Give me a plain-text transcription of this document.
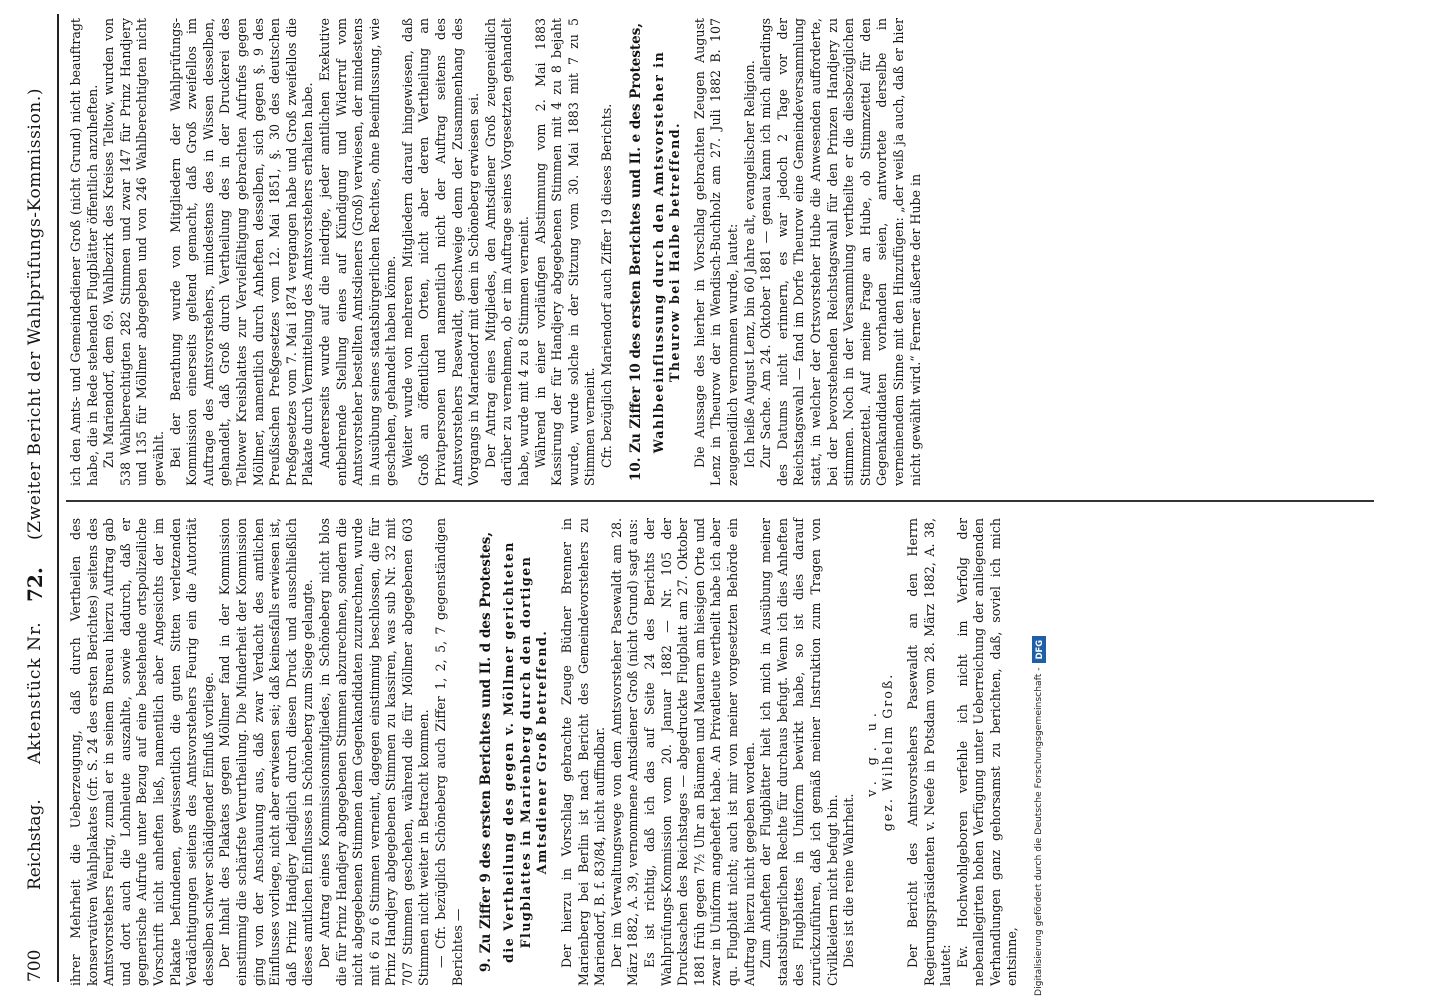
700
Reichstag.
Aktenstück Nr.
72.
(Zweiter Bericht der Wahlprüfungs-Kommission.)

ihrer Mehrheit die Ueberzeugung, daß durch Vertheilen des konservativen Wahlplakates (cfr. S. 24 des ersten Berichtes) seitens des Amtsvorstehers Feurig, zumal er in seinem Bureau hierzu Auftrag gab und dort auch die Lohnleute auszahlte, sowie dadurch, daß er gegnerische Aufrufe unter Bezug auf eine bestehende ortspolizeiliche Vorschrift nicht anheften ließ, namentlich aber Angesichts der im Plakate befundenen, gewissentlich die guten Sitten verletzenden Verdächtigungen seitens des Amtsvorstehers Feurig ein die Autorität desselben schwer schädigender Einfluß vorliege. Der Inhalt des Plakates gegen Möllmer fand in der Kommission einstimmig die schärfste Verurtheilung. Die Minderheit der Kommission ging von der Anschauung aus, daß zwar Verdacht des amtlichen Einflusses vorliege, nicht aber erwiesen sei; daß keinesfalls erwiesen ist, daß Prinz Handjery lediglich durch diesen Druck und ausschließlich dieses amtlichen Einflusses in Schöneberg zum Siege gelangte. Der Antrag eines Kommissionsmitgliedes, in Schöneberg nicht blos die für Prinz Handjery abgegebenen Stimmen abzurechnen, sondern die nicht abgegebenen Stimmen dem Gegenkandidaten zuzurechnen, wurde mit 6 zu 6 Stimmen verneint, dagegen einstimmig beschlossen, die für Prinz Handjery abgegebenen Stimmen zu kassiren, was sub Nr. 32 mit 707 Stimmen geschehen, während die für Möllmer abgegebenen 603 Stimmen nicht weiter in Betracht kommen. — Cfr. bezüglich Schöneberg auch Ziffer 1, 2, 5, 7 gegenständigen Berichtes — 9. Zu Ziffer 9 des ersten Berichtes und II. d des Protestes, die Vertheilung des gegen v. Möllmer gerichteten Flugblattes in Marienberg durch den dortigen Amtsdiener Groß betreffend. Der hierzu in Vorschlag gebrachte Zeuge Büdner Brenner in Marienberg bei Berlin ist nach Bericht des Gemeindevorstehers zu Mariendorf, B. f. 83/84, nicht auffindbar. Der im Verwaltungswege von dem Amtsvorsteher Pasewaldt am 28. März 1882, A. 39, vernommene Amtsdiener Groß (nicht Grund) sagt aus: Es ist richtig, daß ich das auf Seite 24 des Berichts der Wahlprüfungs-Kommission vom 20. Januar 1882 — Nr. 105 der Drucksachen des Reichstages — abgedruckte Flugblatt am 27. Oktober 1881 früh gegen 7½ Uhr an Bäumen und Mauern am hiesigen Orte und zwar in Uniform angeheftet habe. An Privatleute vertheilt habe ich aber qu. Flugblatt nicht; auch ist mir von meiner vorgesetzten Behörde ein Auftrag hierzu nicht gegeben worden. Zum Anheften der Flugblätter hielt ich mich in Ausübung meiner staatsbürgerlichen Rechte für durchaus befugt. Wenn ich dies Anheften des Flugblattes in Uniform bewirkt habe, so ist dies darauf zurückzuführen, daß ich gemäß meiner Instruktion zum Tragen von Civilkleidern nicht befugt bin. Dies ist die reine Wahrheit.

v. g. u. gez. Wilhelm Groß. Der Bericht des Amtsvorstehers Pasewaldt an den Herrn Regierungspräsidenten v. Neefe in Potsdam vom 28. März 1882, A. 38, lautet: Ew. Hochwohlgeboren verfehle ich nicht im Verfolg der nebenallegirten hohen Verfügung unter Ueberreichung der anliegenden Verhandlungen ganz gehorsamst zu berichten, daß, soviel ich mich entsinne,

ich den Amts- und Gemeindediener Groß (nicht Grund) nicht beauftragt habe, die in Rede stehenden Flugblätter öffentlich anzuheften. Zu Mariendorf, dem 69. Wahlbezirk des Kreises Teltow, wurden von 538 Wahlberechtigten 282 Stimmen und zwar 147 für Prinz Handjery und 135 für Möllmer abgegeben und von 246 Wahlberechtigten nicht gewählt. Bei der Berathung wurde von Mitgliedern der Wahlprüfungs-Kommission einerseits geltend gemacht, daß Groß zweifellos im Auftrage des Amtsvorstehers, mindestens des in Wissen desselben, gehandelt, daß Groß durch Vertheilung des in der Druckerei des Teltower Kreisblattes zur Vervielfältigung gebrachten Aufrufes gegen Möllmer, namentlich durch Anheften desselben, sich gegen §. 9 des Preußischen Preßgesetzes vom 12. Mai 1851, §. 30 des deutschen Preßgesetzes vom 7. Mai 1874 vergangen habe und Groß zweifellos die Plakate durch Vermittelung des Amtsvorstehers erhalten habe. Andererseits wurde auf die niedrige, jeder amtlichen Exekutive entbehrende Stellung eines auf Kündigung und Widerruf vom Amtsvorsteher bestellten Amtsdieners (Groß) verwiesen, der mindestens in Ausübung seines staatsbürgerlichen Rechtes, ohne Beeinflussung, wie geschehen, gehandelt haben könne. Weiter wurde von mehreren Mitgliedern darauf hingewiesen, daß Groß an öffentlichen Orten, nicht aber deren Vertheilung an Privatpersonen und namentlich nicht der Auftrag seitens des Amtsvorstehers Pasewaldt, geschweige denn der Zusammenhang des Vorgangs in Mariendorf mit dem in Schöneberg erwiesen sei. Der Antrag eines Mitgliedes, den Amtsdiener Groß zeugeneidlich darüber zu vernehmen, ob er im Auftrage seines Vorgesetzten gehandelt habe, wurde mit 4 zu 8 Stimmen verneint. Während in einer vorläufigen Abstimmung vom 2. Mai 1883 Kassirung der für Handjery abgegebenen Stimmen mit 4 zu 8 bejaht wurde, wurde solche in der Sitzung vom 30. Mai 1883 mit 7 zu 5 Stimmen verneint. Cfr. bezüglich Mariendorf auch Ziffer 19 dieses Berichts. 10. Zu Ziffer 10 des ersten Berichtes und II. e des Protestes, Wahlbeeinflussung durch den Amtsvorsteher in Theurow bei Halbe betreffend. Die Aussage des hierher in Vorschlag gebrachten Zeugen August Lenz in Theurow der in Wendisch-Buchholz am 27. Juli 1882 B. 107 zeugeneidlich vernommen wurde, lautet: Ich heiße August Lenz, bin 60 Jahre alt, evangelischer Religion. Zur Sache. Am 24. Oktober 1881 — genau kann ich mich allerdings des Datums nicht erinnern, es war jedoch 2 Tage vor der Reichstagswahl — fand im Dorfe Theurow eine Gemeindeversammlung statt, in welcher der Ortsvorsteher Hube die Anwesenden aufforderte, bei der bevorstehenden Reichstagswahl für den Prinzen Handjery zu stimmen. Noch in der Versammlung vertheilte er die diesbezüglichen Stimmzettel. Auf meine Frage an Hube, ob Stimmzettel für den Gegenkandidaten vorhanden seien, antwortete derselbe in verneinendem Sinne mit den Hinzufügen: „der weiß ja auch, daß er hier nicht gewählt wird.“ Ferner äußerte der Hube in

Digitalisierung gefördert durch die Deutsche Forschungsgemeinschaft -DFG
